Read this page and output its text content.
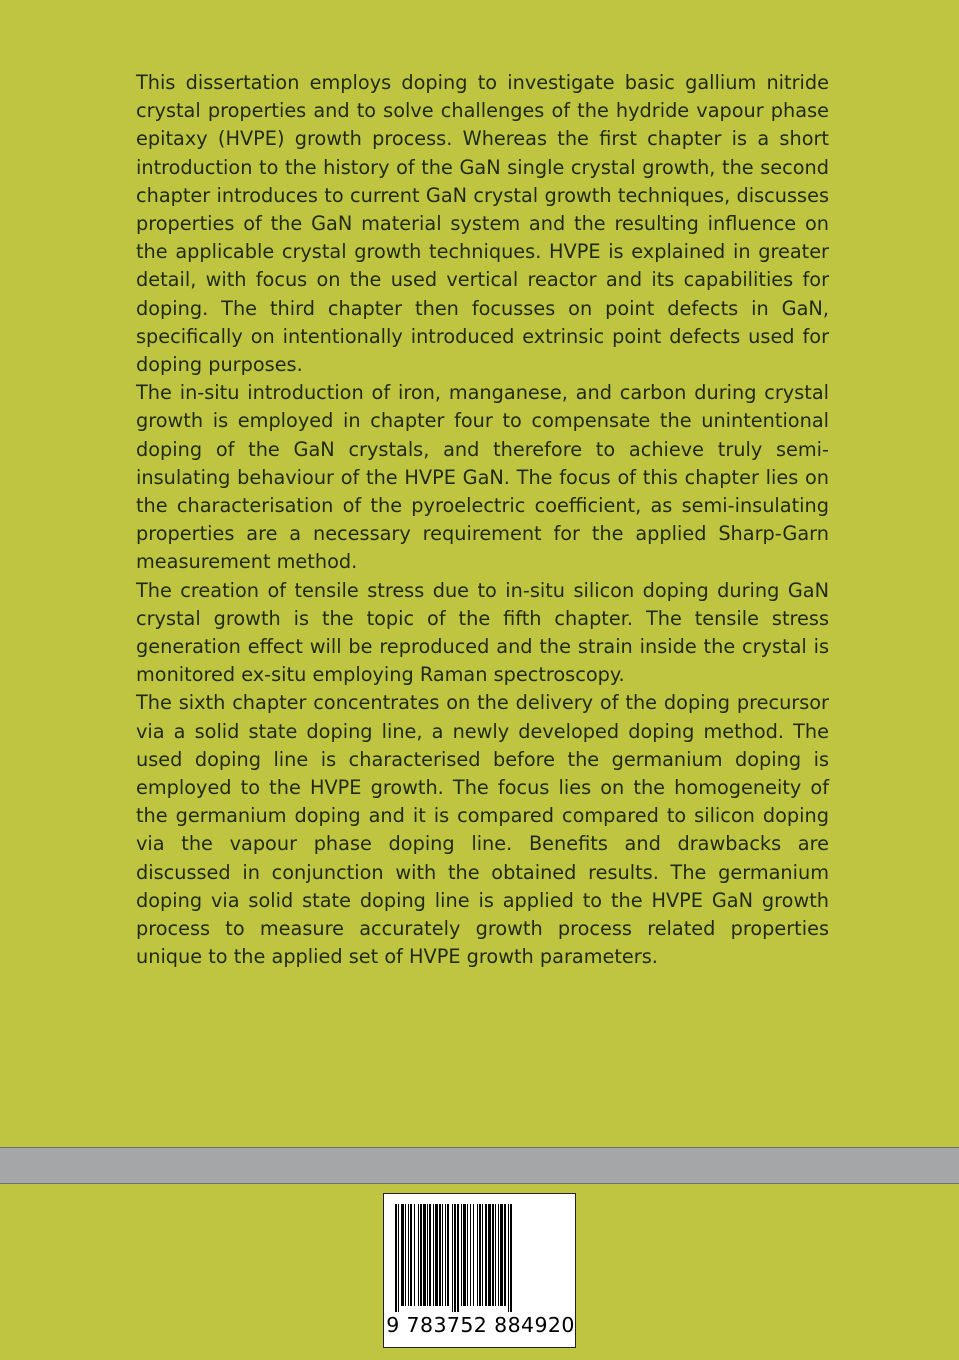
This dissertation employs doping to investigate basic gallium nitride crystal properties and to solve challenges of the hydride vapour phase epitaxy (HVPE) growth process. Whereas the first chapter is a short introduction to the history of the GaN single crystal growth, the second chapter introduces to current GaN crystal growth techniques, discusses properties of the GaN material system and the resulting influence on the applicable crystal growth techniques. HVPE is explained in greater detail, with focus on the used vertical reactor and its capabilities for doping. The third chapter then focusses on point defects in GaN, specifically on intentionally introduced extrinsic point defects used for doping purposes.

The in-situ introduction of iron, manganese, and carbon during crystal growth is employed in chapter four to compensate the unintentional doping of the GaN crystals, and therefore to achieve truly semi-insulating behaviour of the HVPE GaN. The focus of this chapter lies on the characterisation of the pyroelectric coefficient, as semi-insulating properties are a necessary requirement for the applied Sharp-Garn measurement method.

The creation of tensile stress due to in-situ silicon doping during GaN crystal growth is the topic of the fifth chapter. The tensile stress generation effect will be reproduced and the strain inside the crystal is monitored ex-situ employing Raman spectroscopy.

The sixth chapter concentrates on the delivery of the doping precursor via a solid state doping line, a newly developed doping method. The used doping line is characterised before the germanium doping is employed to the HVPE growth. The focus lies on the homogeneity of the germanium doping and it is compared compared to silicon doping via the vapour phase doping line. Benefits and drawbacks are discussed in conjunction with the obtained results. The germanium doping via solid state doping line is applied to the HVPE GaN growth process to measure accurately growth process related properties unique to the applied set of HVPE growth parameters.

9 783752 884920
